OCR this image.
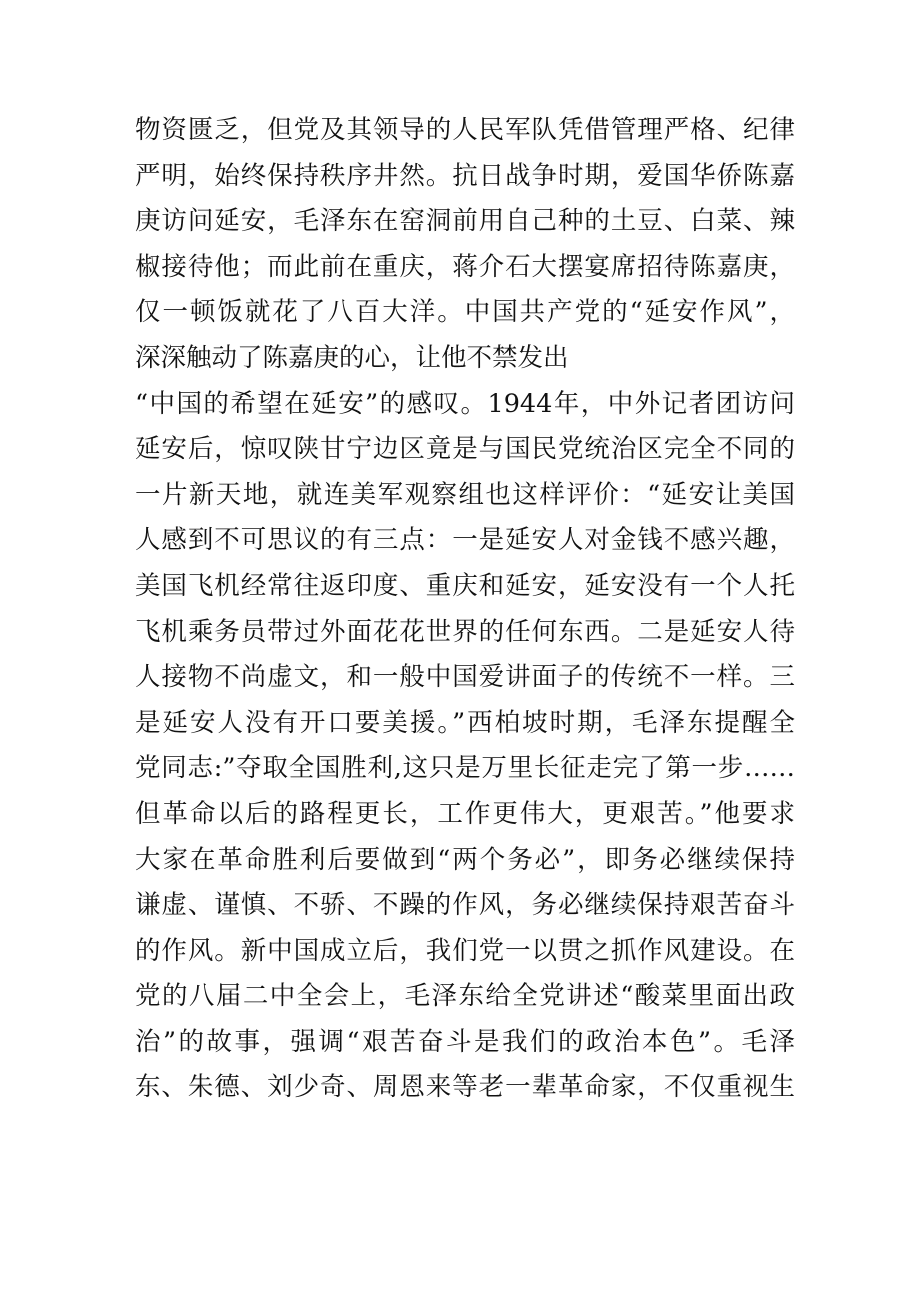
物资匮乏，但党及其领导的人民军队凭借管理严格、纪律
严明，始终保持秩序井然。抗日战争时期，爱国华侨陈嘉
庚访问延安，毛泽东在窑洞前用自己种的土豆、白菜、辣
椒接待他；而此前在重庆，蒋介石大摆宴席招待陈嘉庚，
仅一顿饭就花了八百大洋。中国共产党的“延安作风”，
深深触动了陈嘉庚的心，让他不禁发出
“中国的希望在延安”的感叹。1944年，中外记者团访问
延安后，惊叹陕甘宁边区竟是与国民党统治区完全不同的
一片新天地，就连美军观察组也这样评价：“延安让美国
人感到不可思议的有三点：一是延安人对金钱不感兴趣，
美国飞机经常往返印度、重庆和延安，延安没有一个人托
飞机乘务员带过外面花花世界的任何东西。二是延安人待
人接物不尚虚文，和一般中国爱讲面子的传统不一样。三
是延安人没有开口要美援。”西柏坡时期，毛泽东提醒全
党同志:”夺取全国胜利,这只是万里长征走完了第一步……
但革命以后的路程更长，工作更伟大，更艰苦。”他要求
大家在革命胜利后要做到“两个务必”，即务必继续保持
谦虚、谨慎、不骄、不躁的作风，务必继续保持艰苦奋斗
的作风。新中国成立后，我们党一以贯之抓作风建设。在
党的八届二中全会上，毛泽东给全党讲述“酸菜里面出政
治”的故事，强调“艰苦奋斗是我们的政治本色”。毛泽
东、朱德、刘少奇、周恩来等老一辈革命家，不仅重视生
